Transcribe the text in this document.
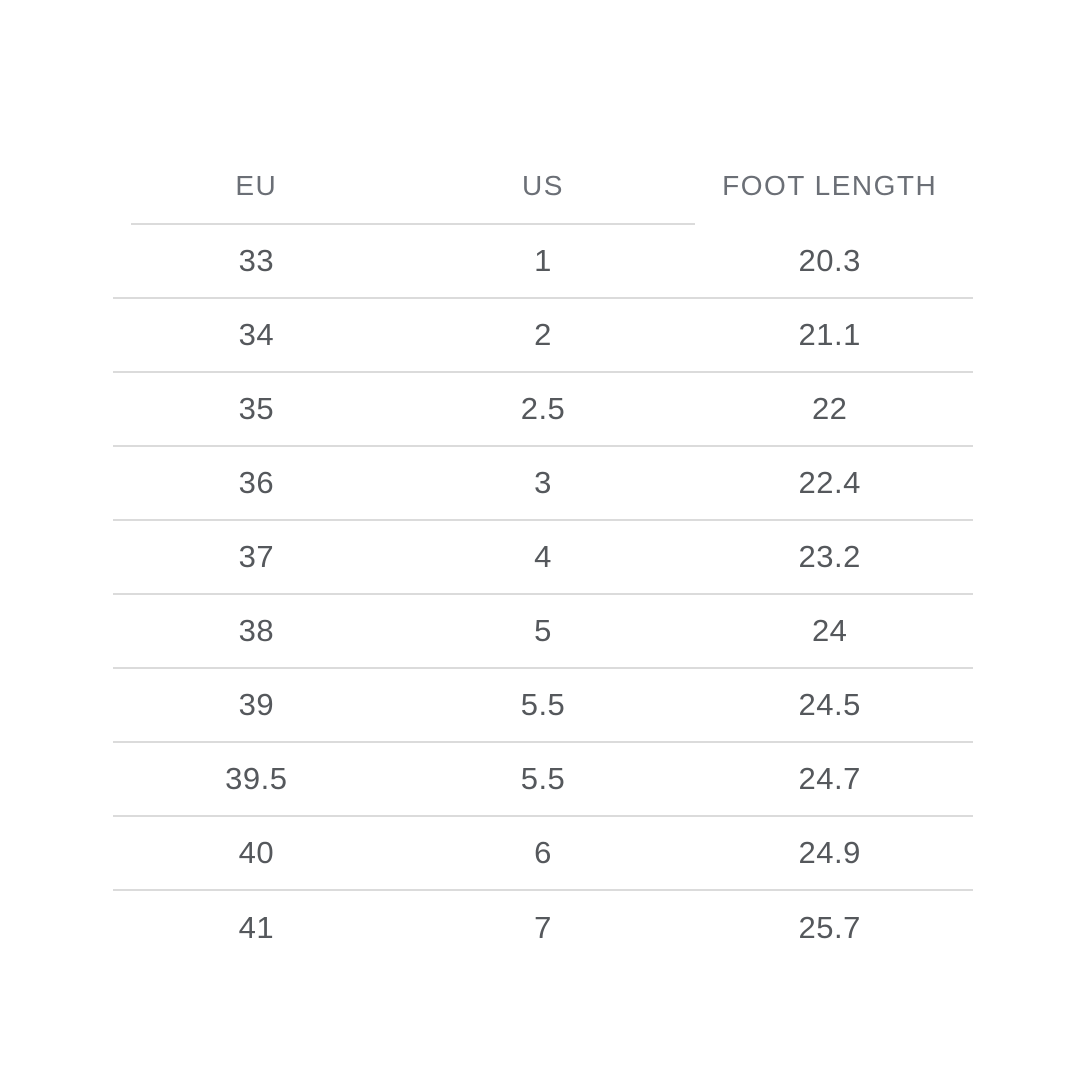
EU	US	FOOT LENGTH
33	1	20.3
34	2	21.1
35	2.5	22
36	3	22.4
37	4	23.2
38	5	24
39	5.5	24.5
39.5	5.5	24.7
40	6	24.9
41	7	25.7
